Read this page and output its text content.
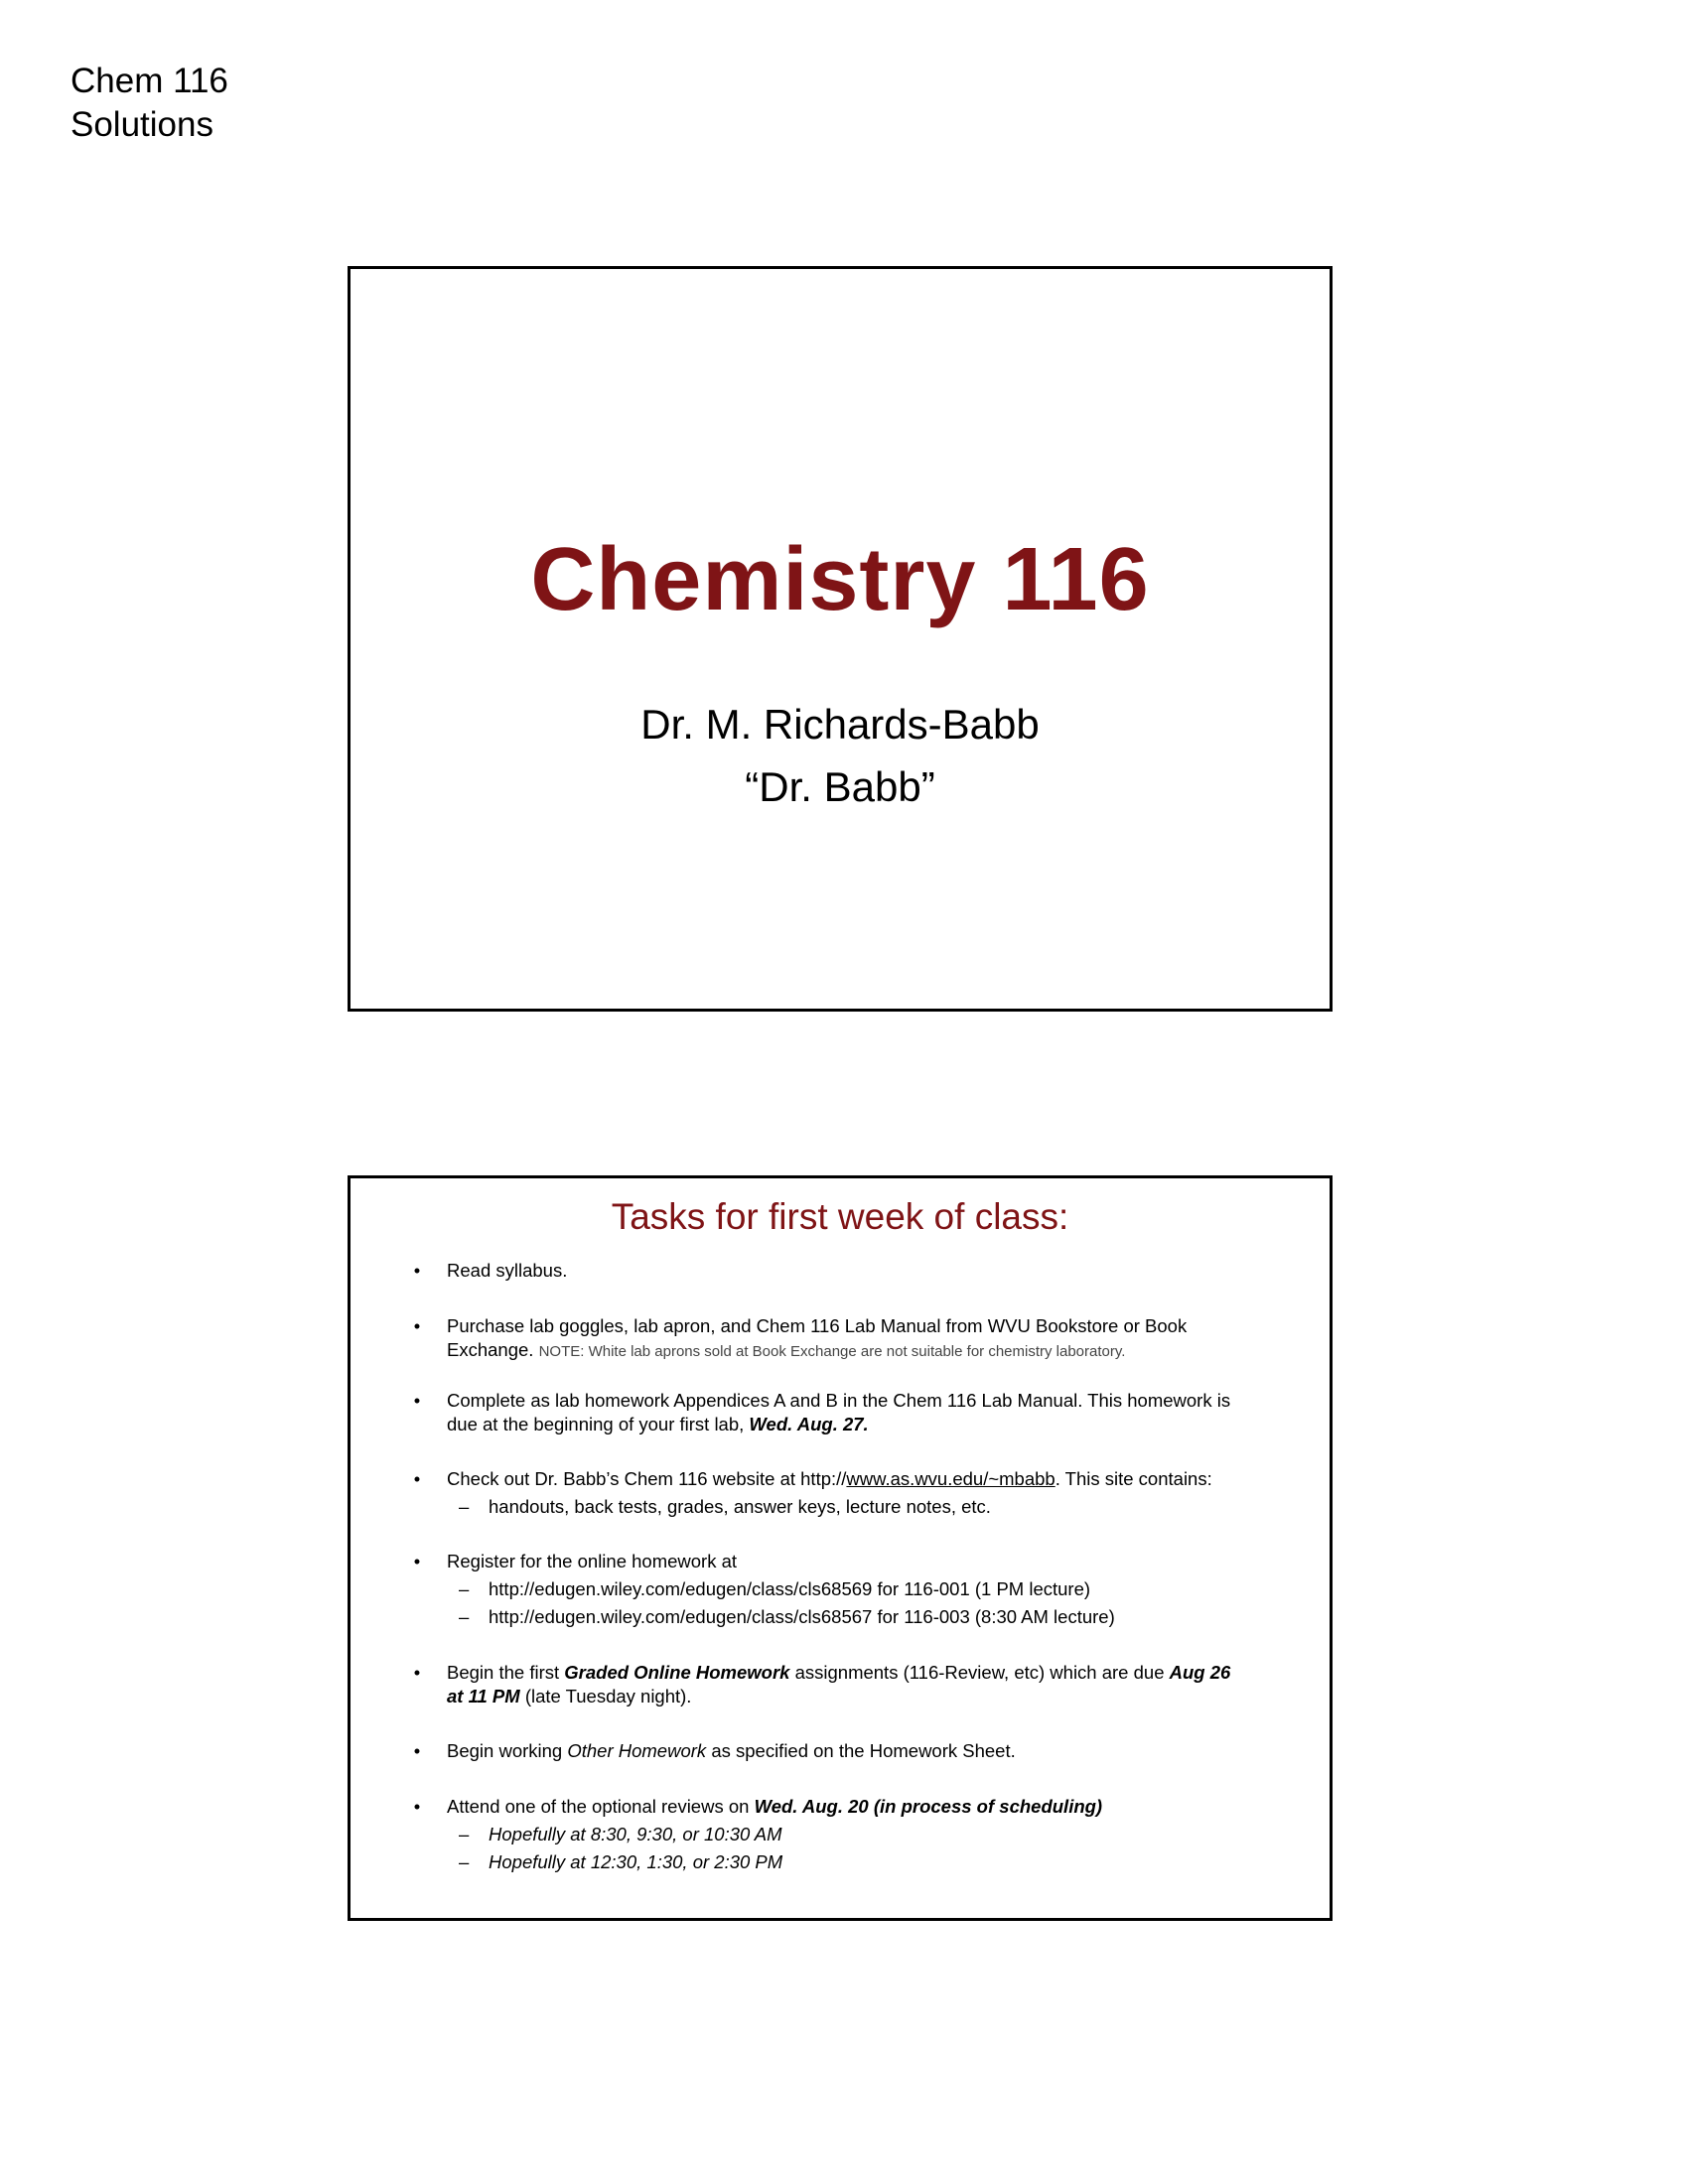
Chem 116
Solutions
Chemistry 116
Dr. M. Richards-Babb
“Dr. Babb”
Tasks for first week of class:
•	Read syllabus.
•	Purchase lab goggles, lab apron, and Chem 116 Lab Manual from WVU Bookstore or Book Exchange. NOTE: White lab aprons sold at Book Exchange are not suitable for chemistry laboratory.
•	Complete as lab homework Appendices A and B in the Chem 116 Lab Manual. This homework is due at the beginning of your first lab, Wed. Aug. 27.
•	Check out Dr. Babb’s Chem 116 website at http://www.as.wvu.edu/~mbabb. This site contains:
– handouts, back tests, grades, answer keys, lecture notes, etc.
•	Register for the online homework at
– http://edugen.wiley.com/edugen/class/cls68569 for 116-001 (1 PM lecture)
– http://edugen.wiley.com/edugen/class/cls68567 for 116-003 (8:30 AM lecture)
•	Begin the first Graded Online Homework assignments (116-Review, etc) which are due Aug 26 at 11 PM (late Tuesday night).
•	Begin working Other Homework as specified on the Homework Sheet.
•	Attend one of the optional reviews on Wed. Aug. 20 (in process of scheduling)
– Hopefully at 8:30, 9:30, or 10:30 AM
– Hopefully at 12:30, 1:30, or 2:30 PM
